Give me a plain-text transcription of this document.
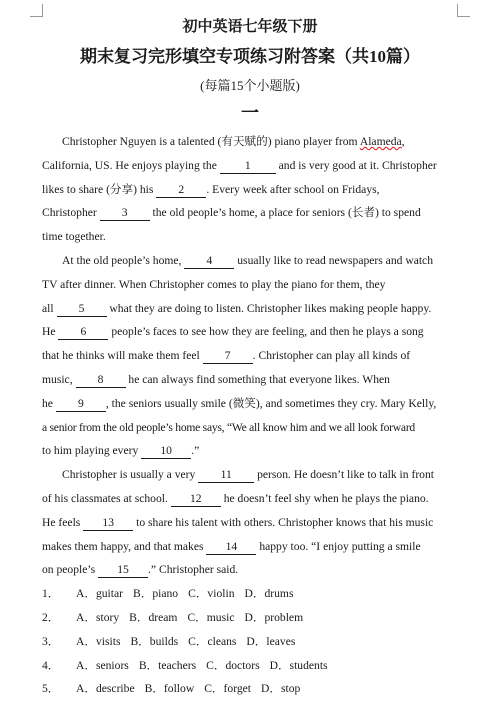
初中英语七年级下册
期末复习完形填空专项练习附答案（共10篇）
(每篇15个小题版)
一
Christopher Nguyen is a talented (有天赋的) piano player from Alameda,
California, US. He enjoys playing the 1 and is very good at it. Christopher
likes to share (分享) his 2 . Every week after school on Fridays,
Christopher 3 the old people’s home, a place for seniors (长者) to spend
time together.
At the old people’s home, 4 usually like to read newspapers and watch
TV after dinner. When Christopher comes to play the piano for them, they
all 5 what they are doing to listen. Christopher likes making people happy.
He 6 people’s faces to see how they are feeling, and then he plays a song
that he thinks will make them feel 7 . Christopher can play all kinds of
music, 8 he can always find something that everyone likes. When
he 9 , the seniors usually smile (微笑), and sometimes they cry. Mary Kelly,
a senior from the old people’s home says, “We all know him and we all look forward
to him playing every 10 .”
Christopher is usually a very 11 person. He doesn’t like to talk in front
of his classmates at school. 12 he doesn’t feel shy when he plays the piano.
He feels 13 to share his talent with others. Christopher knows that his music
makes them happy, and that makes 14 happy too. “I enjoy putting a smile
on people’s 15 .” Christopher said.
1． A．guitar B．piano C．violin D．drums
2． A．story B．dream C．music D．problem
3． A．visits B．builds C．cleans D．leaves
4． A．seniors B．teachers C．doctors D．students
5． A．describe B．follow C．forget D．stop
